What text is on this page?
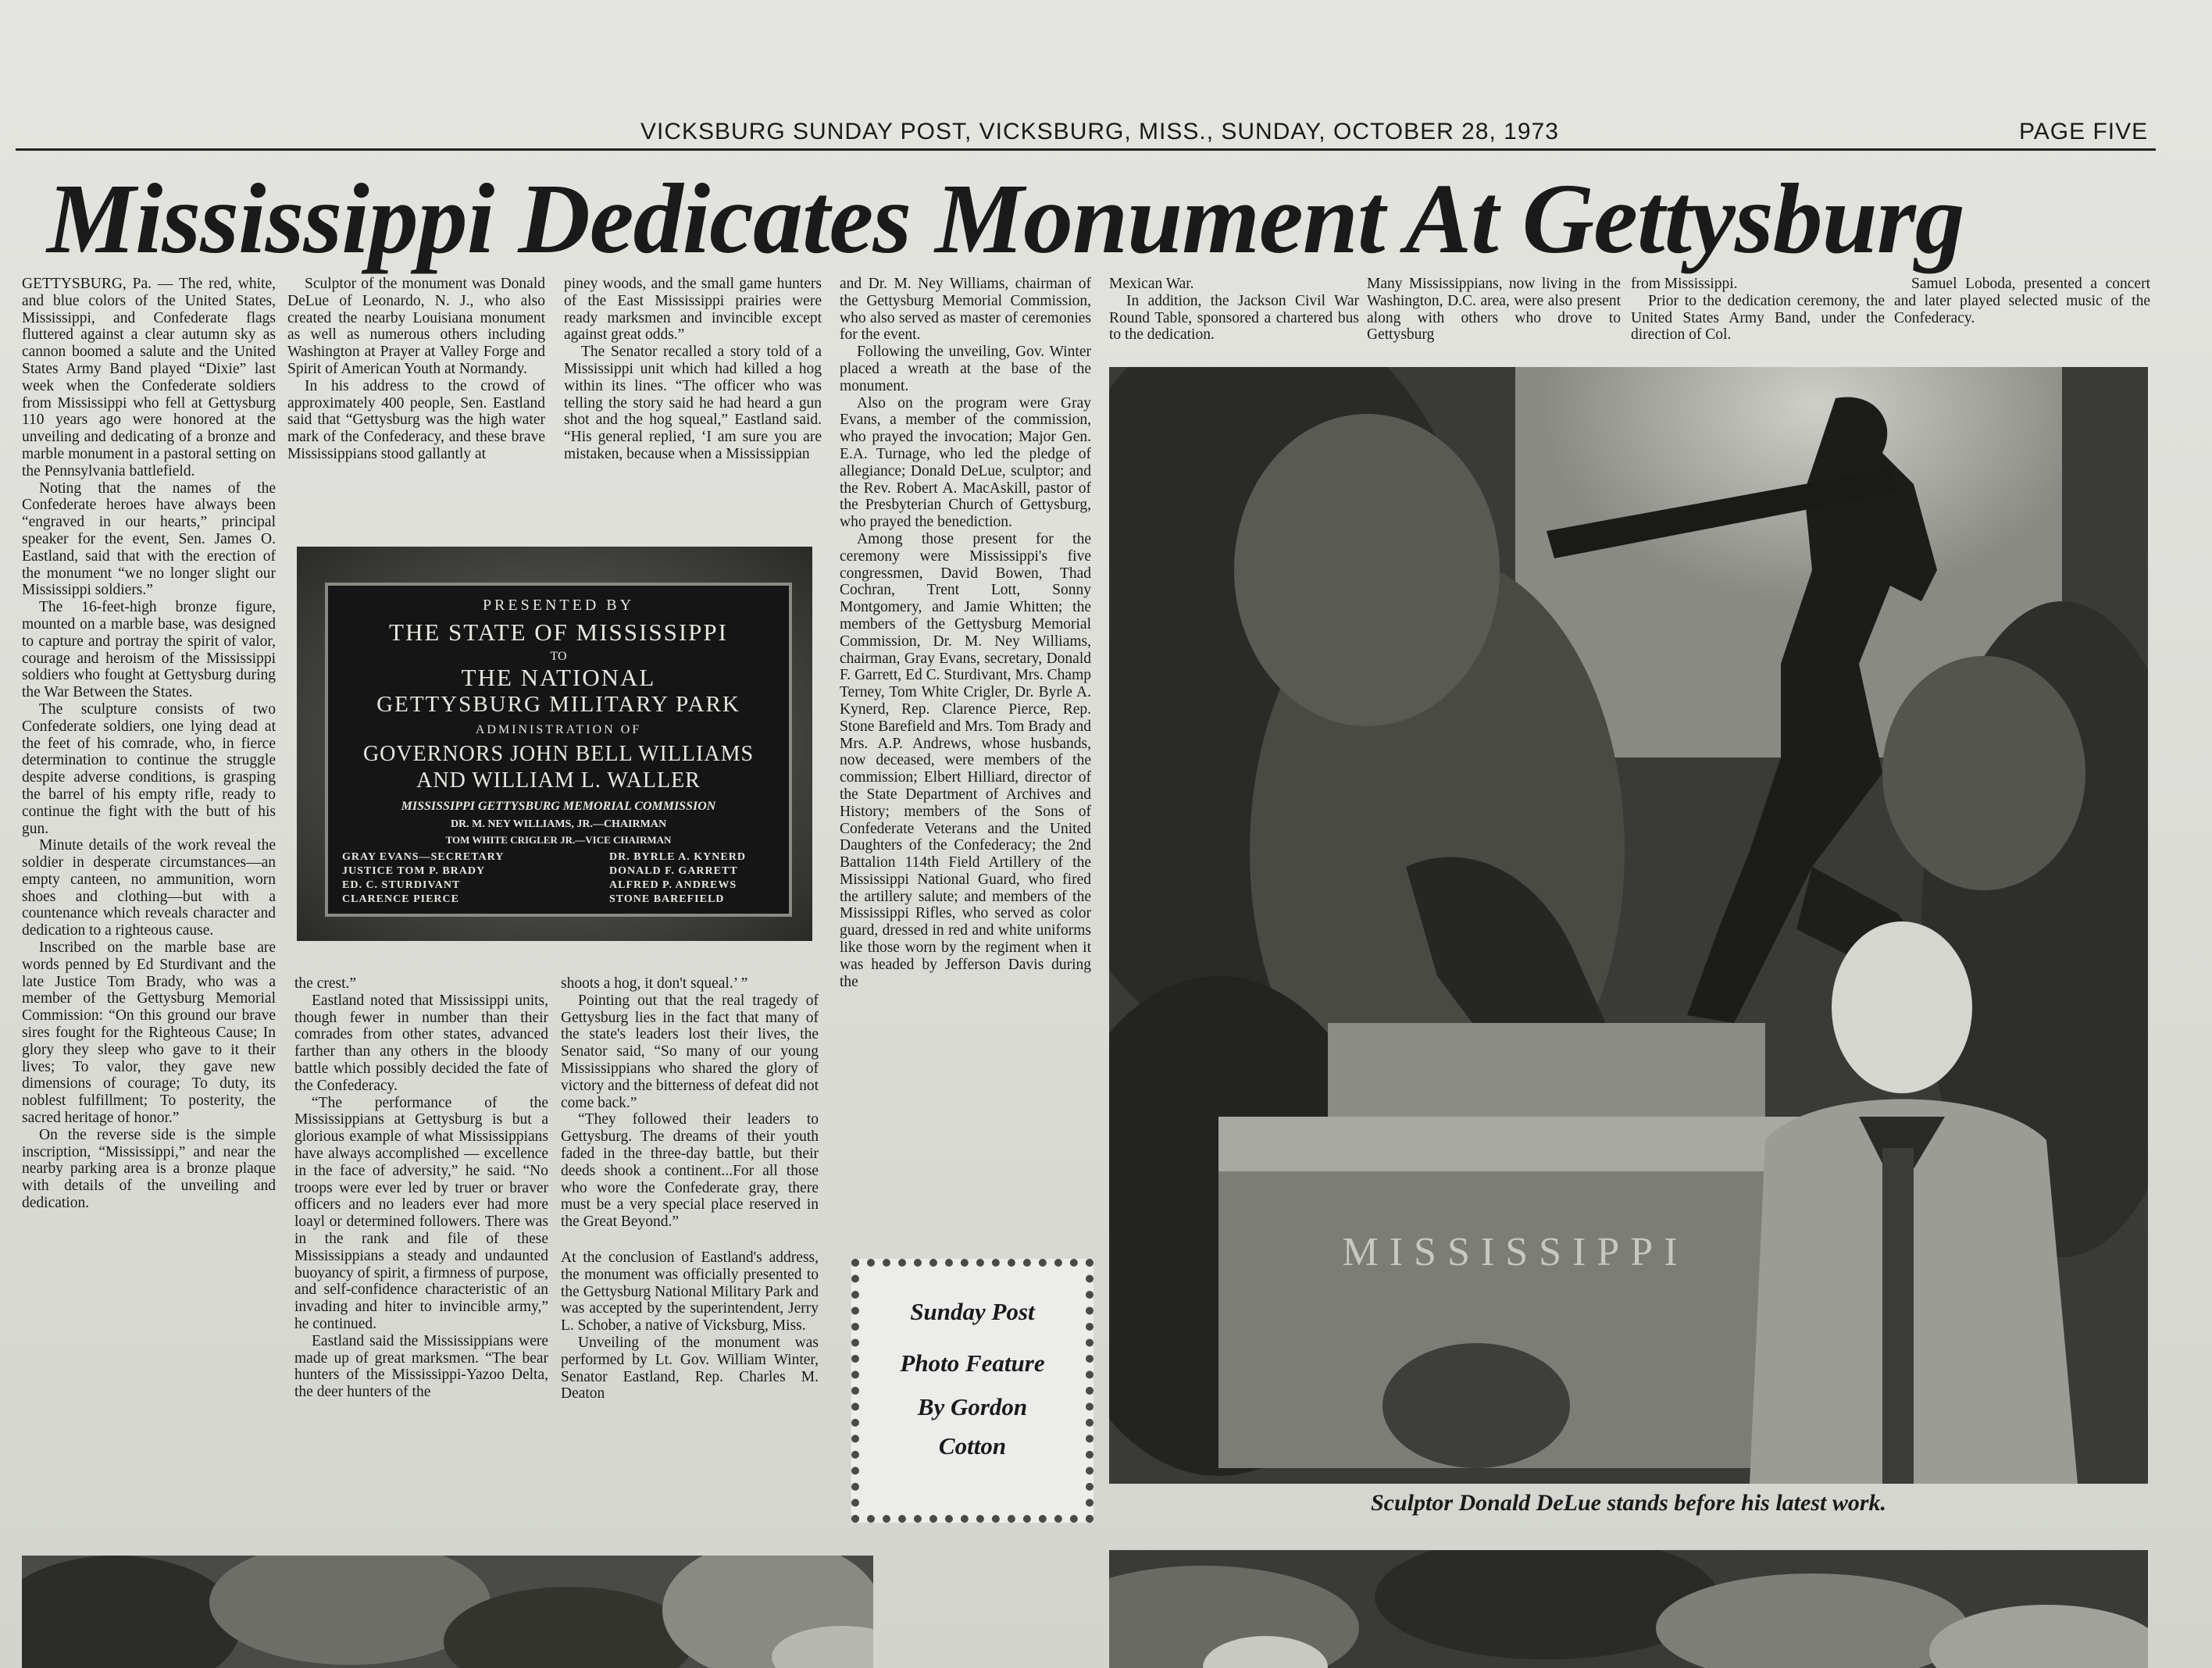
VICKSBURG SUNDAY POST, VICKSBURG, MISS., SUNDAY, OCTOBER 28, 1973	PAGE FIVE
Mississippi Dedicates Monument At Gettysburg

GETTYSBURG, Pa. — The red, white, and blue colors of the United States, Mississippi, and Confederate flags fluttered against a clear autumn sky as cannon boomed a salute and the United States Army Band played “Dixie” last week when the Confederate soldiers from Mississippi who fell at Gettysburg 110 years ago were honored at the unveiling and dedicating of a bronze and marble monument in a pastoral setting on the Pennsylvania battlefield.

Noting that the names of the Confederate heroes have always been “engraved in our hearts,” principal speaker for the event, Sen. James O. Eastland, said that with the erection of the monument “we no longer slight our Mississippi soldiers.”

The 16-feet-high bronze figure, mounted on a marble base, was designed to capture and portray the spirit of valor, courage and heroism of the Mississippi soldiers who fought at Gettysburg during the War Between the States.

The sculpture consists of two Confederate soldiers, one lying dead at the feet of his comrade, who, in fierce determination to continue the struggle despite adverse conditions, is grasping the barrel of his empty rifle, ready to continue the fight with the butt of his gun.

Minute details of the work reveal the soldier in desperate circumstances—an empty canteen, no ammunition, worn shoes and clothing—but with a countenance which reveals character and dedication to a righteous cause.

Inscribed on the marble base are words penned by Ed Sturdivant and the late Justice Tom Brady, who was a member of the Gettysburg Memorial Commission: “On this ground our brave sires fought for the Righteous Cause; In glory they sleep who gave to it their lives; To valor, they gave new dimensions of courage; To duty, its noblest fulfillment; To posterity, the sacred heritage of honor.”

On the reverse side is the simple inscription, “Mississippi,” and near the nearby parking area is a bronze plaque with details of the unveiling and dedication.

Sculptor of the monument was Donald DeLue of Leonardo, N. J., who also created the nearby Louisiana monument as well as numerous others including Washington at Prayer at Valley Forge and Spirit of American Youth at Normandy.

In his address to the crowd of approximately 400 people, Sen. Eastland said that “Gettysburg was the high water mark of the Confederacy, and these brave Mississippians stood gallantly at

piney woods, and the small game hunters of the East Mississippi prairies were ready marksmen and invincible except against great odds.”

The Senator recalled a story told of a Mississippi unit which had killed a hog within its lines. “The officer who was telling the story said he had heard a gun shot and the hog squeal,” Eastland said. “His general replied, ‘I am sure you are mistaken, because when a Mississippian

PRESENTED BY
THE STATE OF MISSISSIPPI
TO
THE NATIONAL
GETTYSBURG MILITARY PARK
ADMINISTRATION OF
GOVERNORS JOHN BELL WILLIAMS
AND WILLIAM L. WALLER
MISSISSIPPI GETTYSBURG MEMORIAL COMMISSION
DR. M. NEY WILLIAMS, JR.—CHAIRMAN
TOM WHITE CRIGLER JR.—VICE CHAIRMAN
GRAY EVANS—SECRETARY
JUSTICE TOM P. BRADY
ED. C. STURDIVANT
CLARENCE PIERCE
DR. BYRLE A. KYNERD
DONALD F. GARRETT
ALFRED P. ANDREWS
STONE BAREFIELD

the crest.”

Eastland noted that Mississippi units, though fewer in number than their comrades from other states, advanced farther than any others in the bloody battle which possibly decided the fate of the Confederacy.

“The performance of the Mississippians at Gettysburg is but a glorious example of what Mississippians have always accomplished — excellence in the face of adversity,” he said. “No troops were ever led by truer or braver officers and no leaders ever had more loayl or determined followers. There was in the rank and file of these Mississippians a steady and undaunted buoyancy of spirit, a firmness of purpose, and self-confidence characteristic of an invading and hiter to invincible army,” he continued.

Eastland said the Mississippians were made up of great marksmen. “The bear hunters of the Mississippi-Yazoo Delta, the deer hunters of the

shoots a hog, it don't squeal.’ ”

Pointing out that the real tragedy of Gettysburg lies in the fact that many of the state's leaders lost their lives, the Senator said, “So many of our young Mississippians who shared the glory of victory and the bitterness of defeat did not come back.”

“They followed their leaders to Gettysburg. The dreams of their youth faded in the three-day battle, but their deeds shook a continent...For all those who wore the Confederate gray, there must be a very special place reserved in the Great Beyond.”

At the conclusion of Eastland's address, the monument was officially presented to the Gettysburg National Military Park and was accepted by the superintendent, Jerry L. Schober, a native of Vicksburg, Miss.

Unveiling of the monument was performed by Lt. Gov. William Winter, Senator Eastland, Rep. Charles M. Deaton

and Dr. M. Ney Williams, chairman of the Gettysburg Memorial Commission, who also served as master of ceremonies for the event.

Following the unveiling, Gov. Winter placed a wreath at the base of the monument.

Also on the program were Gray Evans, a member of the commission, who prayed the invocation; Major Gen. E.A. Turnage, who led the pledge of allegiance; Donald DeLue, sculptor; and the Rev. Robert A. MacAskill, pastor of the Presbyterian Church of Gettysburg, who prayed the benediction.

Among those present for the ceremony were Mississippi's five congressmen, David Bowen, Thad Cochran, Trent Lott, Sonny Montgomery, and Jamie Whitten; the members of the Gettysburg Memorial Commission, Dr. M. Ney Williams, chairman, Gray Evans, secretary, Donald F. Garrett, Ed C. Sturdivant, Mrs. Champ Terney, Tom White Crigler, Dr. Byrle A. Kynerd, Rep. Clarence Pierce, Rep. Stone Barefield and Mrs. Tom Brady and Mrs. A.P. Andrews, whose husbands, now deceased, were members of the commission; Elbert Hilliard, director of the State Department of Archives and History; members of the Sons of Confederate Veterans and the United Daughters of the Confederacy; the 2nd Battalion 114th Field Artillery of the Mississippi National Guard, who fired the artillery salute; and members of the Mississippi Rifles, who served as color guard, dressed in red and white uniforms like those worn by the regiment when it was headed by Jefferson Davis during the

Mexican War.

In addition, the Jackson Civil War Round Table, sponsored a chartered bus to the dedication.

Many Mississippians, now living in the Washington, D.C. area, were also present along with others who drove to Gettysburg

from Mississippi.

Prior to the dedication ceremony, the United States Army Band, under the direction of Col.

Samuel Loboda, presented a concert and later played selected music of the Confederacy.

Sunday Post
Photo Feature
By Gordon
Cotton
MISSISSIPPI
Sculptor Donald DeLue stands before his latest work.
